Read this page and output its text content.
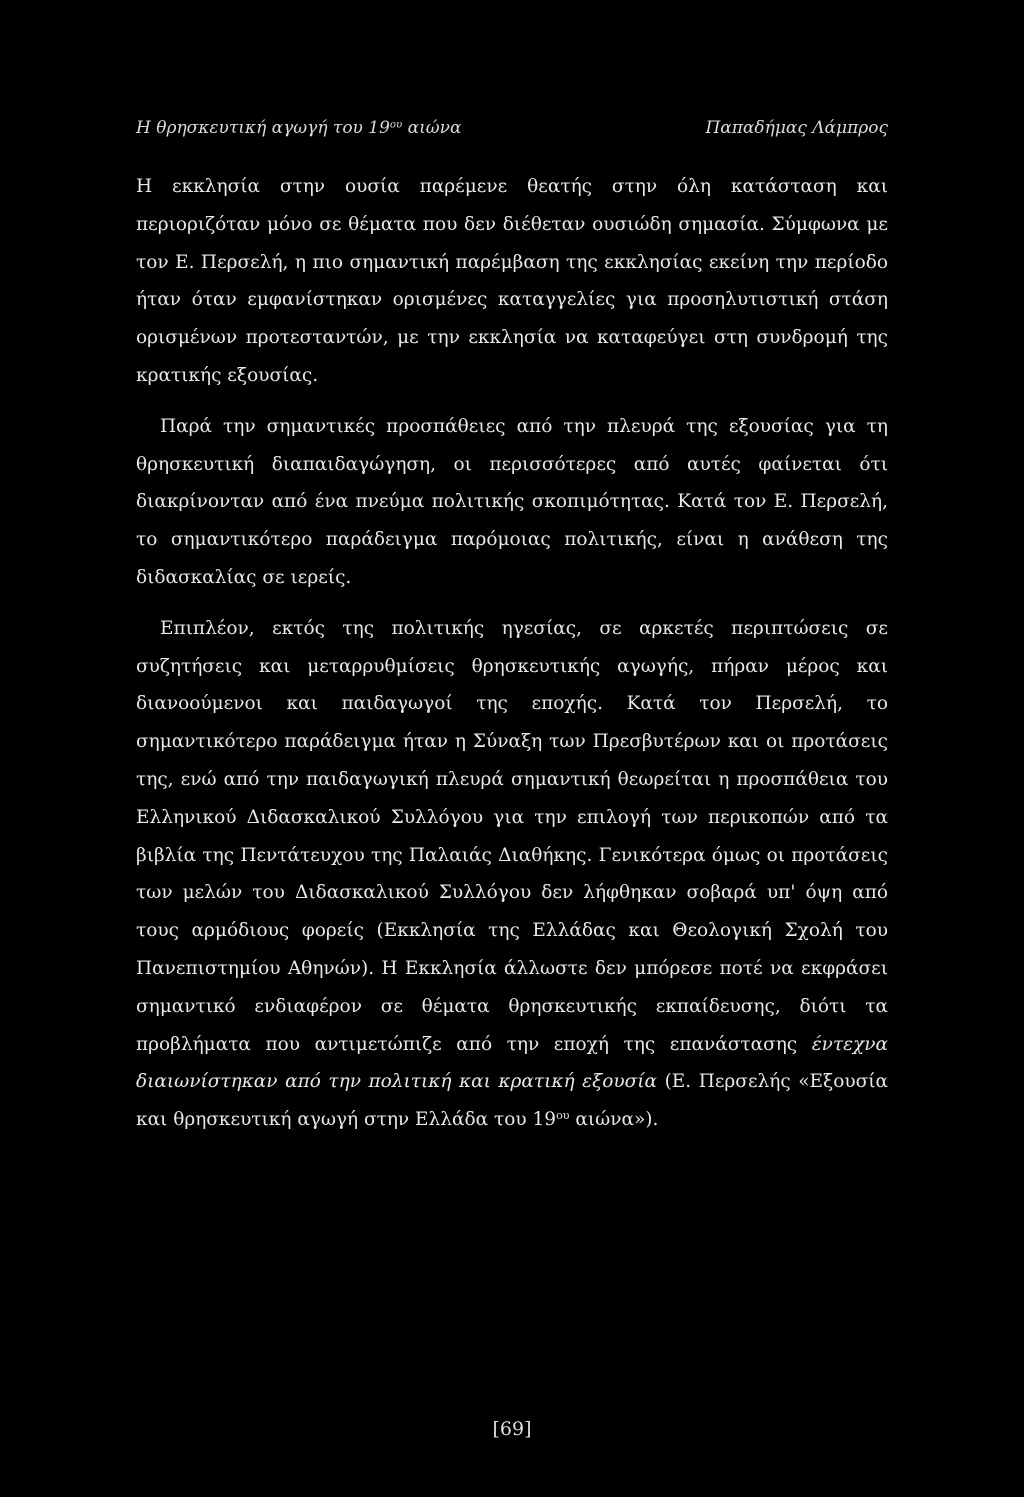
Η θρησκευτική αγωγή του $19^{o\upsilon}$ αιώνα	Παπαδήμας Λάμπρος

Η εκκλησία στην ουσία παρέμενε θεατής στην όλη κατάσταση και περιοριζόταν μόνο σε θέματα που δεν διέθεταν ουσιώδη σημασία. Σύμφωνα με τον Ε. Περσελή, η πιο σημαντική παρέμβαση της εκκλησίας εκείνη την περίοδο ήταν όταν εμφανίστηκαν ορισμένες καταγγελίες για προσηλυτιστική στάση ορισμένων προτεσταντών, με την εκκλησία να καταφεύγει στη συνδρομή της κρατικής εξουσίας.

Παρά την σημαντικές προσπάθειες από την πλευρά της εξουσίας για τη θρησκευτική διαπαιδαγώγηση, οι περισσότερες από αυτές φαίνεται ότι διακρίνονταν από ένα πνεύμα πολιτικής σκοπιμότητας. Κατά τον Ε. Περσελή, το σημαντικότερο παράδειγμα παρόμοιας πολιτικής, είναι η ανάθεση της διδασκαλίας σε ιερείς.

Επιπλέον, εκτός της πολιτικής ηγεσίας, σε αρκετές περιπτώσεις σε συζητήσεις και μεταρρυθμίσεις θρησκευτικής αγωγής, πήραν μέρος και διανοούμενοι και παιδαγωγοί της εποχής. Κατά τον Περσελή, το σημαντικότερο παράδειγμα ήταν η Σύναξη των Πρεσβυτέρων και οι προτάσεις της, ενώ από την παιδαγωγική πλευρά σημαντική θεωρείται η προσπάθεια του Ελληνικού Διδασκαλικού Συλλόγου για την επιλογή των περικοπών από τα βιβλία της Πεντάτευχου της Παλαιάς Διαθήκης. Γενικότερα όμως οι προτάσεις των μελών του Διδασκαλικού Συλλόγου δεν λήφθηκαν σοβαρά υπ' όψη από τους αρμόδιους φορείς (Εκκλησία της Ελλάδας και Θεολογική Σχολή του Πανεπιστημίου Αθηνών). Η Εκκλησία άλλωστε δεν μπόρεσε ποτέ να εκφράσει σημαντικό ενδιαφέρον σε θέματα θρησκευτικής εκπαίδευσης, διότι τα προβλήματα που αντιμετώπιζε από την εποχή της επανάστασης έντεχνα διαιωνίστηκαν από την πολιτική και κρατική εξουσία (Ε. Περσελής «Εξουσία και θρησκευτική αγωγή στην Ελλάδα του $19^{o\upsilon}$ αιώνα»).

[69]
